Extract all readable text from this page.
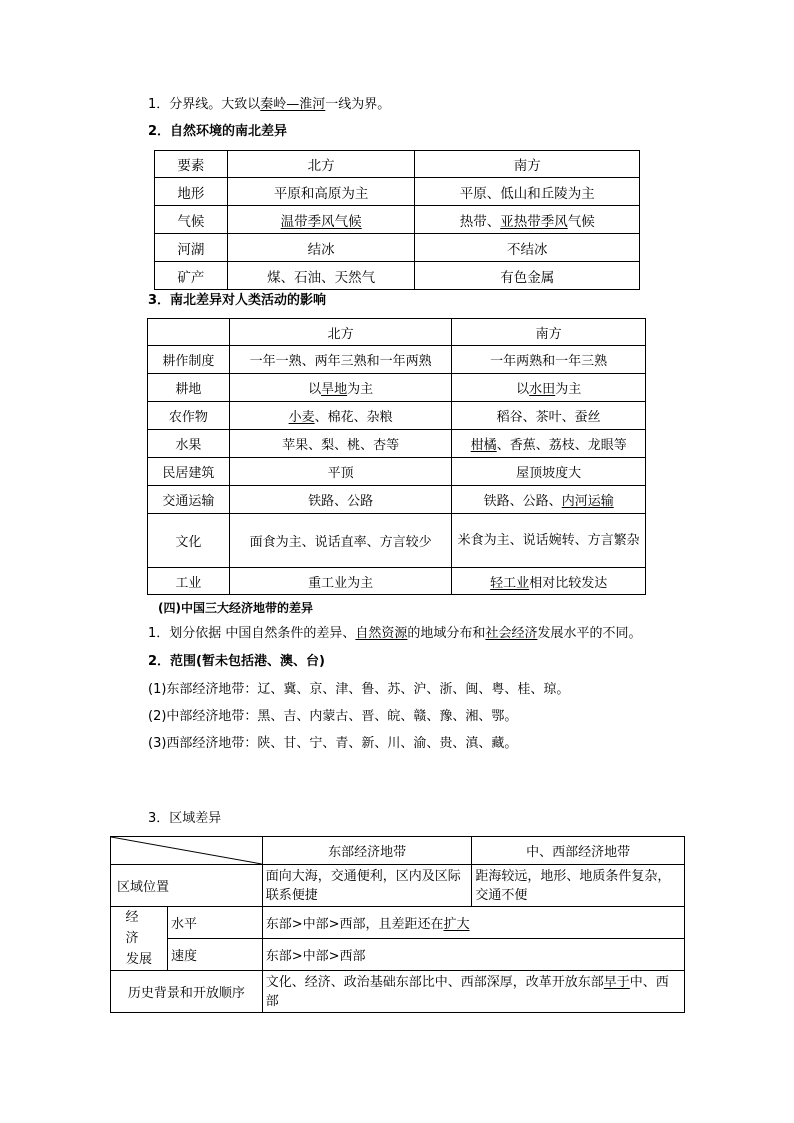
1．分界线。大致以秦岭—淮河一线为界。
2．自然环境的南北差异
要素	北方	南方
地形	平原和高原为主	平原、低山和丘陵为主
气候	温带季风气候	热带、亚热带季风气候
河湖	结冰	不结冰
矿产	煤、石油、天然气	有色金属
3．南北差异对人类活动的影响
	北方	南方
耕作制度	一年一熟、两年三熟和一年两熟	一年两熟和一年三熟
耕地	以旱地为主	以水田为主
农作物	小麦、棉花、杂粮	稻谷、茶叶、蚕丝
水果	苹果、梨、桃、杏等	柑橘、香蕉、荔枝、龙眼等
民居建筑	平顶	屋顶坡度大
交通运输	铁路、公路	铁路、公路、内河运输
文化	面食为主、说话直率、方言较少	米食为主、说话婉转、方言繁杂
工业	重工业为主	轻工业相对比较发达
(四)中国三大经济地带的差异
1．划分依据 中国自然条件的差异、自然资源的地域分布和社会经济发展水平的不同。
2．范围(暂未包括港、澳、台)
(1)东部经济地带：辽、冀、京、津、鲁、苏、沪、浙、闽、粤、桂、琼。
(2)中部经济地带：黑、吉、内蒙古、晋、皖、赣、豫、湘、鄂。
(3)西部经济地带：陕、甘、宁、青、新、川、渝、贵、滇、藏。
3．区域差异
	东部经济地带	中、西部经济地带
区域位置		面向大海，交通便利，区内及区际联系便捷	距海较远，地形、地质条件复杂，交通不便

经济
发展	水平	东部>中部>西部，且差距还在扩大	
	速度	东部>中部>西部	
历史背景和开放顺序		文化、经济、政治基础东部比中、西部深厚，改革开放东部早于中、西部	
